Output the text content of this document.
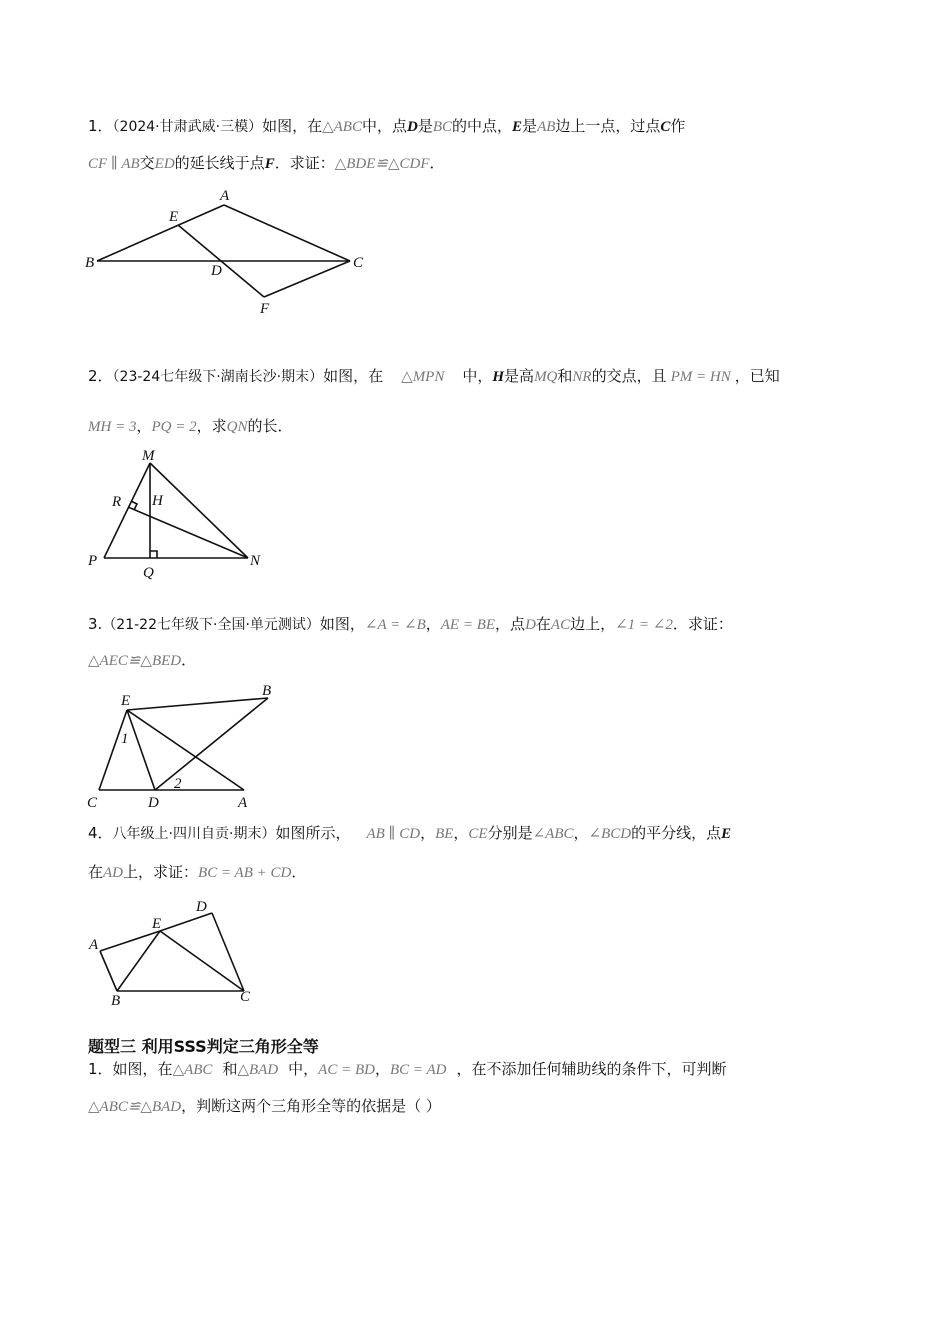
1．（2024·甘肃武威·三模）如图，在△ABC中，点D是BC的中点，E是AB边上一点，过点C作
CF ∥ AB交ED的延长线于点F．求证：△BDE≌△CDF．
A
B	C
D
E
F
2．（23-24七年级下·湖南长沙·期末）如图，在 △MPN 中，H是高MQ和NR的交点，且 PM = HN ，已知
MH = 3，PQ = 2，求QN的长．
M
R H
P
Q
N
3.（21-22七年级下·全国·单元测试）如图，∠A = ∠B，AE = BE，点D在AC边上，∠1 = ∠2．求证：
△AEC≌△BED．
E
B
C	D	A
1
2
4．八年级上·四川自贡·期末）如图所示， AB ∥ CD，BE，CE分别是∠ABC，∠BCD的平分线，点E
在AD上，求证：BC = AB + CD．
A
B	C
D
E
题型三 利用SSS判定三角形全等
1．如图，在△ABC 和△BAD 中，AC = BD，BC = AD ，在不添加任何辅助线的条件下，可判断
△ABC≌△BAD，判断这两个三角形全等的依据是（ ）
